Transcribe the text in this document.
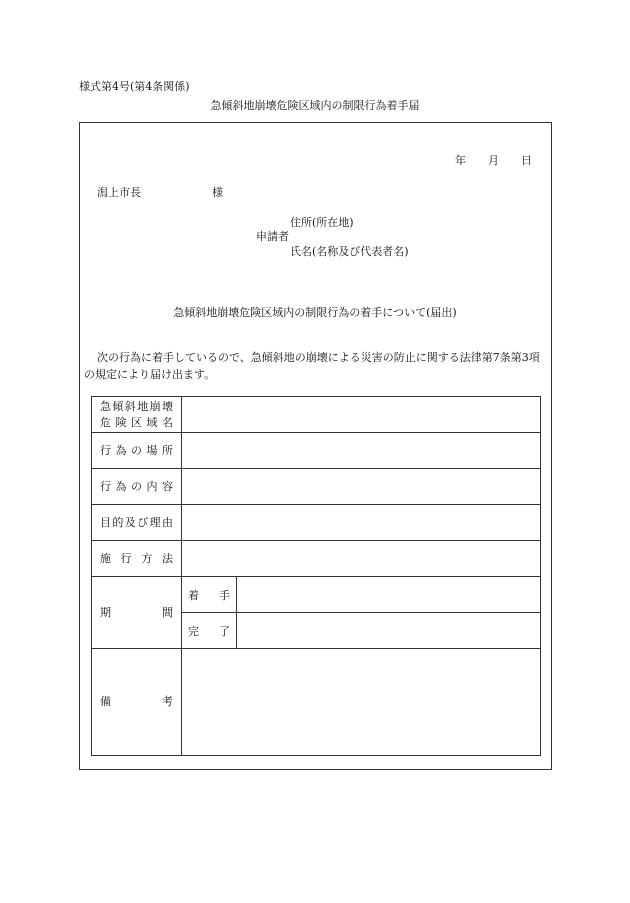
様式第4号(第4条関係)
急傾斜地崩壊危険区域内の制限行為着手届
年 月 日
潟上市長	様
住所(所在地)
申請者
氏名(名称及び代表者名)
急傾斜地崩壊危険区域内の制限行為の着手について(届出)
次の行為に着手しているので、急傾斜地の崩壊による災害の防止に関する法律第7条第3項の規定により届け出ます。
急傾斜地崩壊
危険区域名		

行為の場所		
行為の内容		
目的及び理由		
施行方法		
期間	着手	
	完了	
備考		
